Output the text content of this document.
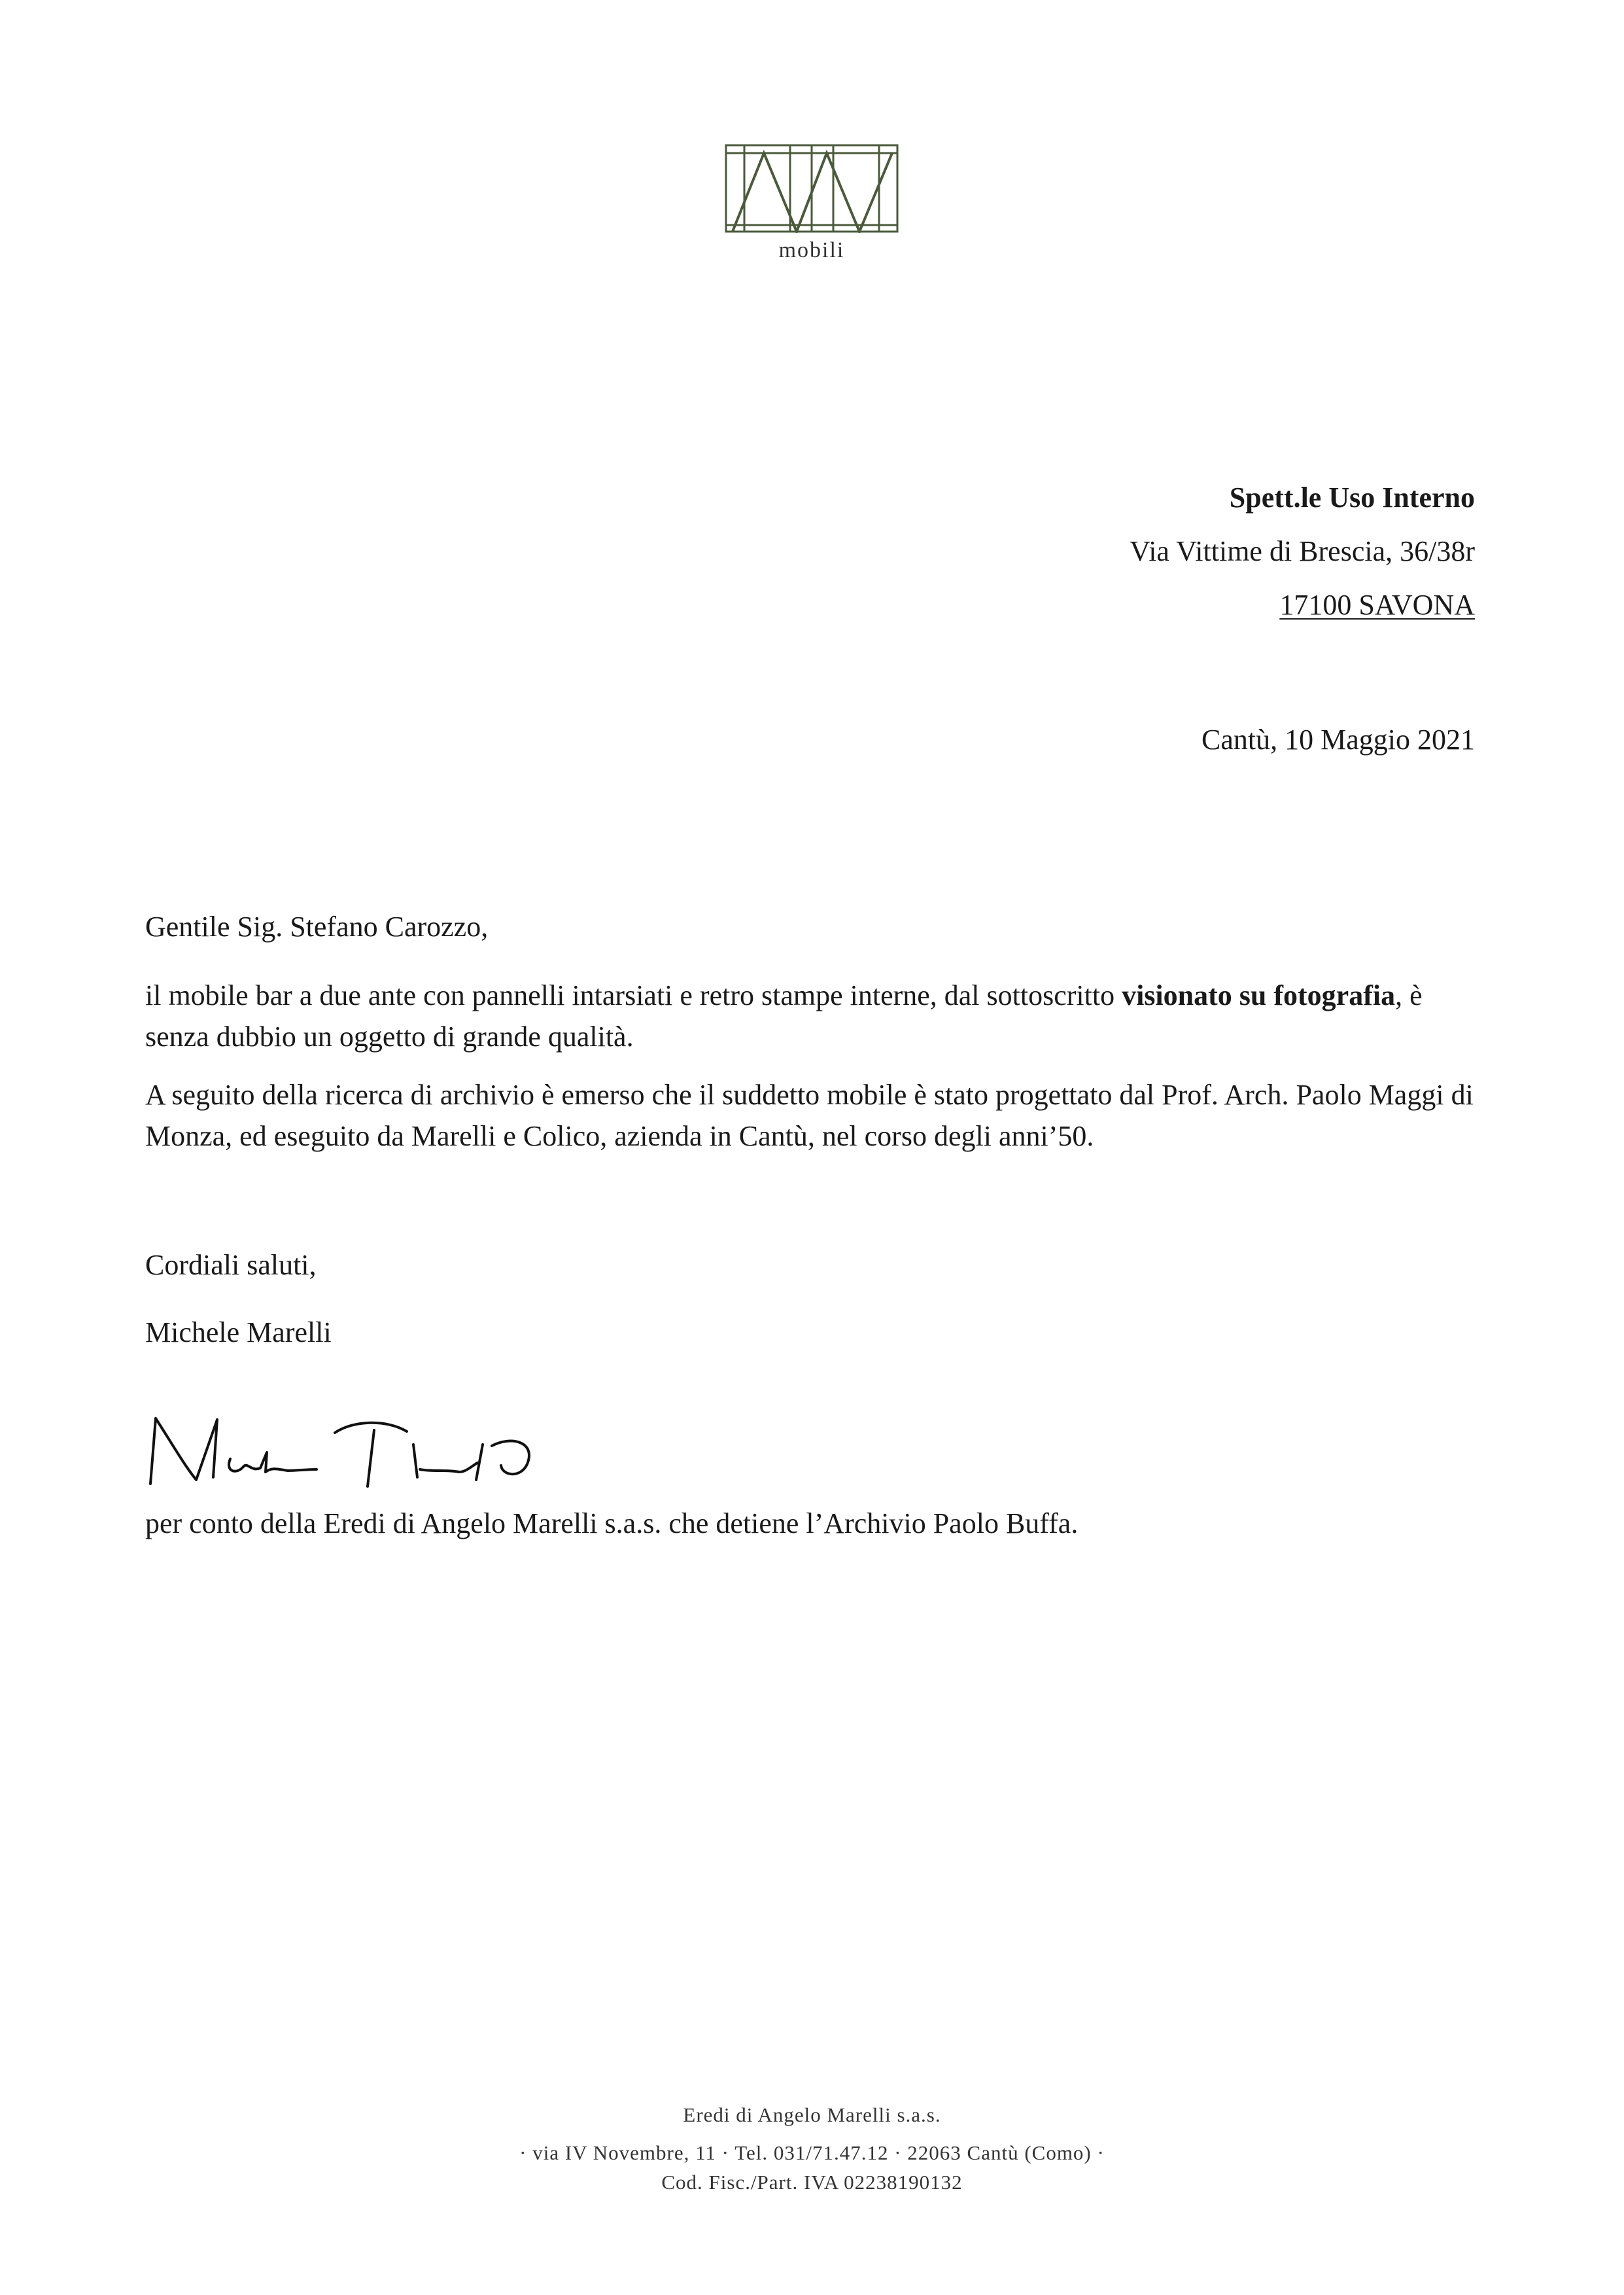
mobili
Spett.le Uso Interno
Via Vittime di Brescia, 36/38r
17100 SAVONA
Cantù, 10 Maggio 2021
Gentile Sig. Stefano Carozzo,
il mobile bar a due ante con pannelli intarsiati e retro stampe interne, dal sottoscritto visionato su fotografia, è senza dubbio un oggetto di grande qualità.
A seguito della ricerca di archivio è emerso che il suddetto mobile è stato progettato dal Prof. Arch. Paolo Maggi di Monza, ed eseguito da Marelli e Colico, azienda in Cantù, nel corso degli anni’50.
Cordiali saluti,
Michele Marelli
per conto della Eredi di Angelo Marelli s.a.s. che detiene l’Archivio Paolo Buffa.
Eredi di Angelo Marelli s.a.s.
· via IV Novembre, 11 · Tel. 031/71.47.12 · 22063 Cantù (Como) ·
Cod. Fisc./Part. IVA 02238190132
